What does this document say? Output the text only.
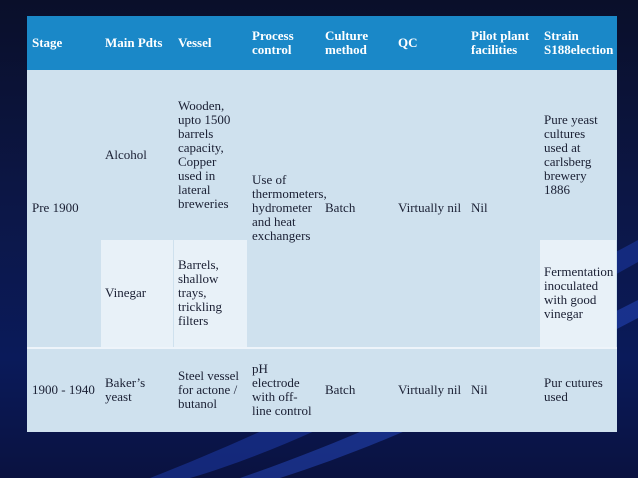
Stage	Main Pdts	Vessel	Process control	Culture method	QC	Pilot plant facilities	Strain S188election
Pre 1900	Alcohol	Wooden, upto 1500 barrels capacity, Copper used in lateral breweries	Use of thermometers, hydrometer and heat exchangers	Batch	Virtually nil	Nil	Pure yeast cultures used at carlsberg brewery 1886
	Vinegar	Barrels, shallow trays, trickling filters					Fermentation inoculated with good vinegar
1900 - 1940	Baker’s yeast	Steel vessel for actone / butanol	pH electrode with off-line control	Batch	Virtually nil	Nil	Pur cutures used
